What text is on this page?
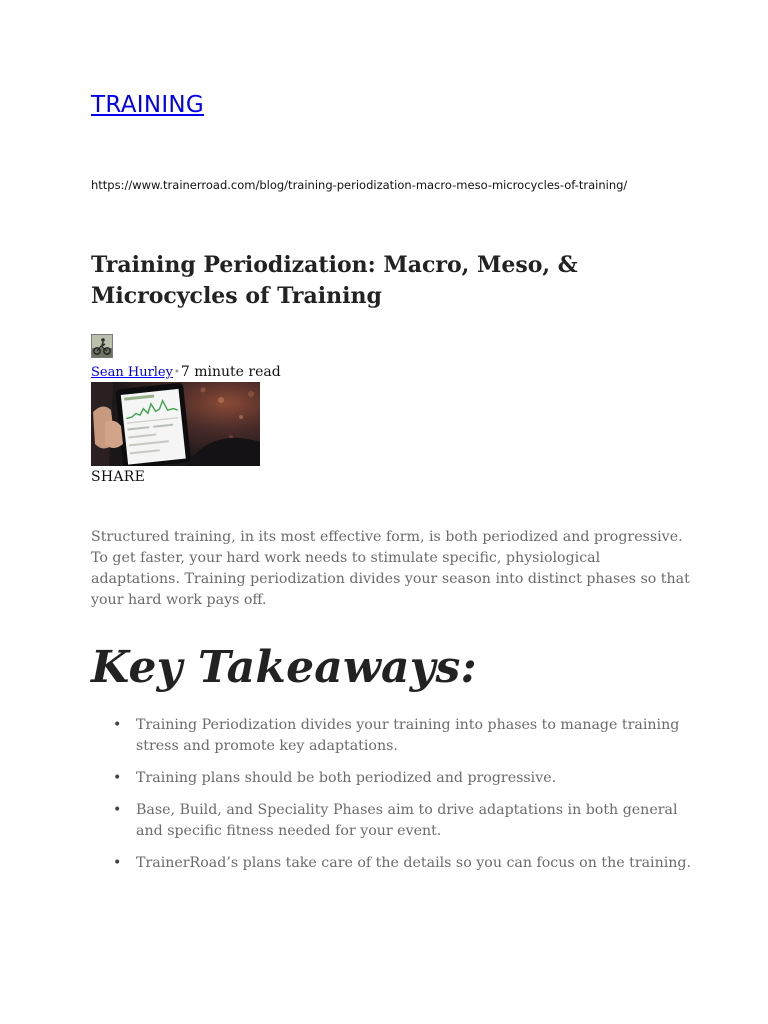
TRAINING
https://www.trainerroad.com/blog/training-periodization-macro-meso-microcycles-of-training/
Training Periodization: Macro, Meso, & Microcycles of Training
Sean Hurley•7 minute read
SHARE

Structured training, in its most effective form, is both periodized and progressive. To get faster, your hard work needs to stimulate specific, physiological adaptations. Training periodization divides your season into distinct phases so that your hard work pays off.

Key Takeaways:
• Training Periodization divides your training into phases to manage training stress and promote key adaptations.
• Training plans should be both periodized and progressive.
• Base, Build, and Speciality Phases aim to drive adaptations in both general and specific fitness needed for your event.
• TrainerRoad’s plans take care of the details so you can focus on the training.
